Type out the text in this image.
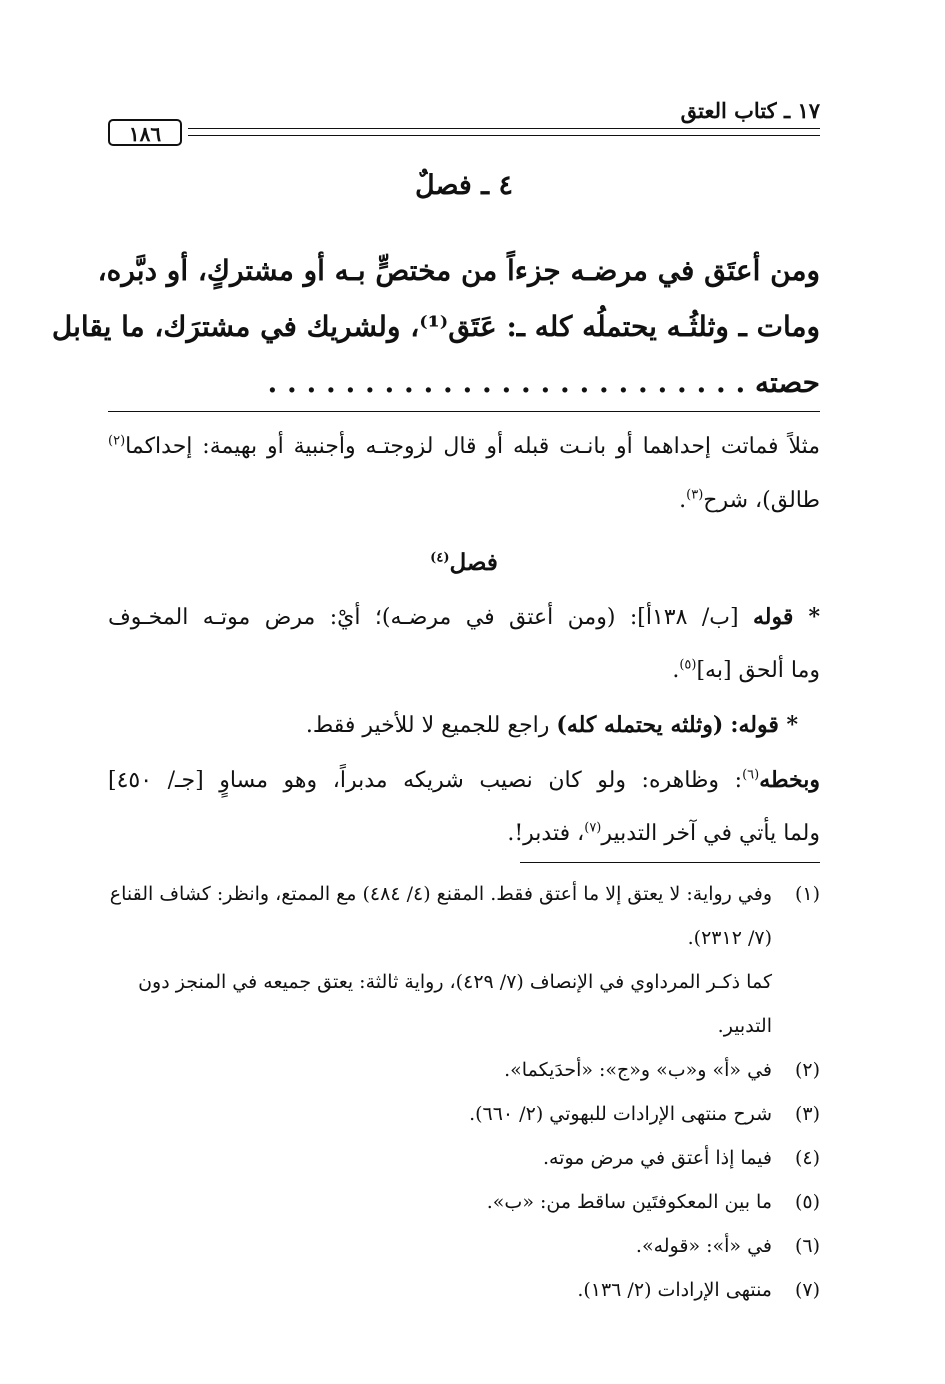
١٧ ـ كتاب العتق
١٨٦
٤ ـ فصلٌ
ومن أعتَق في مرضـه جزءاً من مختصٍّ بـه أو مشتركٍ، أو دبَّره،
ومات ـ وثلثُـه يحتملُه كله ـ: عَتَق⁽¹⁾، ولشريك في مشترَك، ما يقابل
حصته . . . . . . . . . . . . . . . . . . . . . . . . .

مثلاً فماتت إحداهما أو بانـت قبله أو قال لزوجتـه وأجنبية أو بهيمة: إحداكما$^{(٢)}$

طالق)، شرح$^{(٣)}$.

فصل$^{(٤)}$

* قوله [ب/ ١٣٨أ]: (ومن أعتق في مرضـه)؛ أيْ: مرض موتـه المخـوف

وما ألحق [به]$^{(٥)}$.

* قوله: (وثلثه يحتمله كله) راجع للجميع لا للأخير فقط.

وبخطه$^{(٦)}$: وظاهره: ولو كان نصيب شريكه مدبراً، وهو مساوٍ [جـ/ ٤٥٠]

ولما يأتي في آخر التدبير$^{(٧)}$، فتدبر!.

(١)
وفي رواية: لا يعتق إلا ما أعتق فقط. المقنع (٤/ ٤٨٤) مع الممتع، وانظر: كشاف القناع (٧/ ٢٣١٢).
كما ذكـر المرداوي في الإنصاف (٧/ ٤٢٩)، رواية ثالثة: يعتق جميعه في المنجز دون التدبير.
(٢)
في «أ» و«ب» و«ج»: «أحدَيكما».
(٣)
شرح منتهى الإرادات للبهوتي (٢/ ٦٦٠).
(٤)
فيما إذا أعتق في مرض موته.
(٥)
ما بين المعكوفتَين ساقط من: «ب».
(٦)
في «أ»: «قوله».
(٧)
منتهى الإرادات (٢/ ١٣٦).
